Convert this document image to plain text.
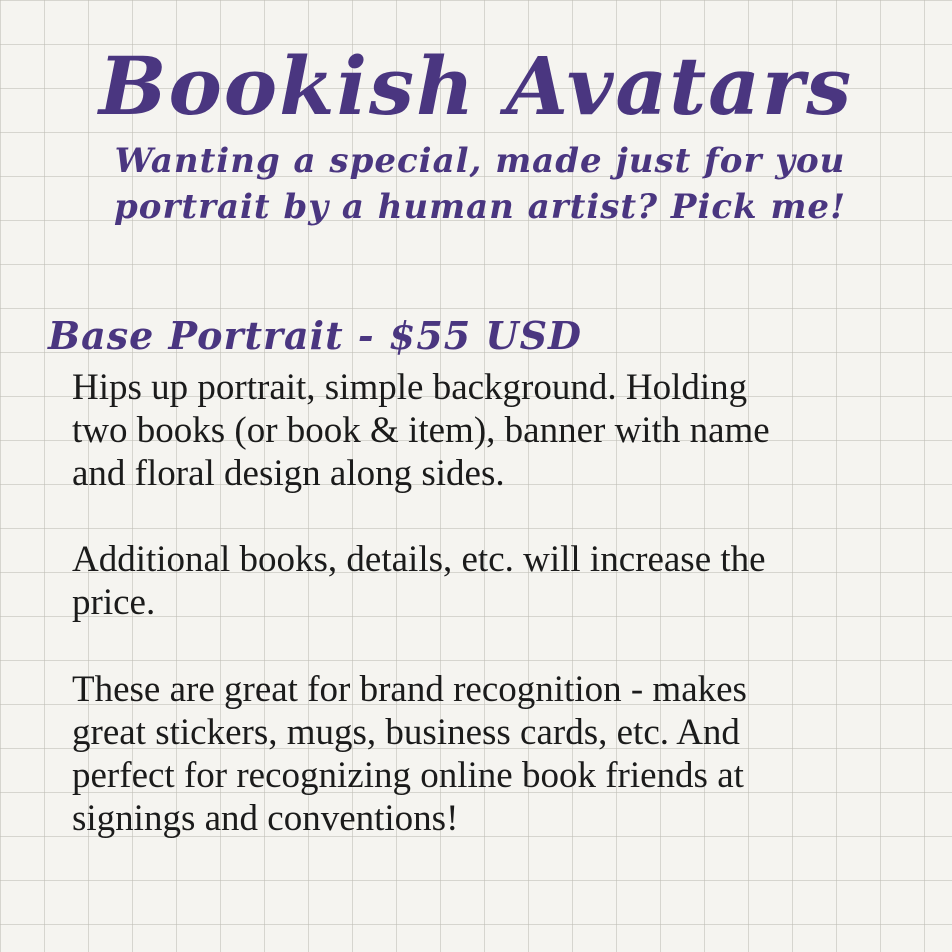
Bookish Avatars
Wanting a special, made just for you
portrait by a human artist? Pick me!
Base Portrait - $55 USD
Hips up portrait, simple background. Holding
two books (or book & item), banner with name
and floral design along sides.
Additional books, details, etc. will increase the
price.
These are great for brand recognition - makes
great stickers, mugs, business cards, etc. And
perfect for recognizing online book friends at
signings and conventions!
